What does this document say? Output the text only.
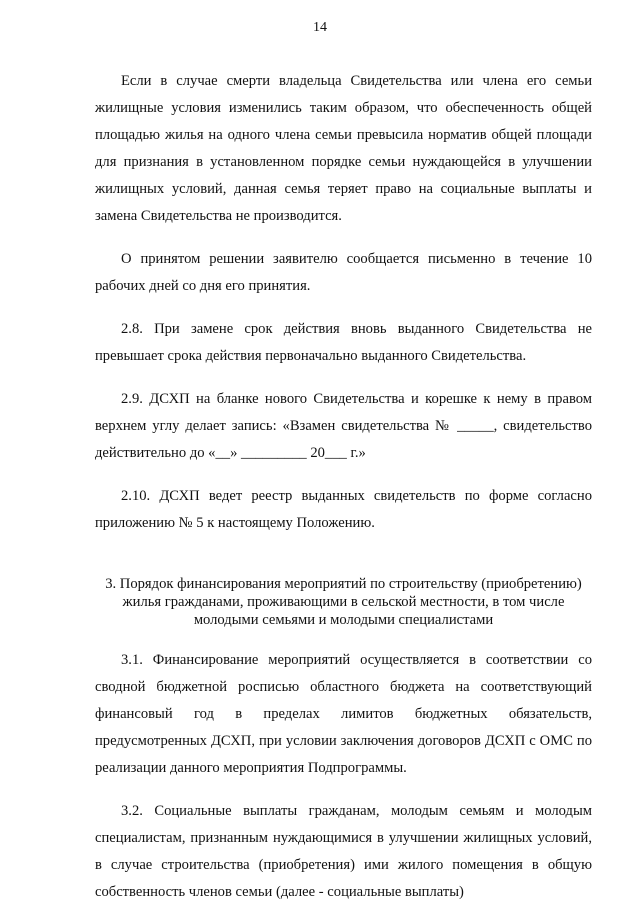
14

Если в случае смерти владельца Свидетельства или члена его семьи жилищные условия изменились таким образом, что обеспеченность общей площадью жилья на одного члена семьи превысила норматив общей площади для признания в установленном порядке семьи нуждающейся в улучшении жилищных условий, данная семья теряет право на социальные выплаты и замена Свидетельства не производится.

О принятом решении заявителю сообщается письменно в течение 10 рабочих дней со дня его принятия.

2.8. При замене срок действия вновь выданного Свидетельства не превышает срока действия первоначально выданного Свидетельства.

2.9. ДСХП на бланке нового Свидетельства и корешке к нему в правом верхнем углу делает запись: «Взамен свидетельства № _____, свидетельство действительно до «__» _________ 20___ г.»

2.10. ДСХП ведет реестр выданных свидетельств по форме согласно приложению № 5 к настоящему Положению.

3. Порядок финансирования мероприятий по строительству (приобретению) жилья гражданами, проживающими в сельской местности, в том числе молодыми семьями и молодыми специалистами

3.1. Финансирование мероприятий осуществляется в соответствии со сводной бюджетной росписью областного бюджета на соответствующий финансовый год в пределах лимитов бюджетных обязательств, предусмотренных ДСХП, при условии заключения договоров ДСХП с ОМС по реализации данного мероприятия Подпрограммы.

3.2. Социальные выплаты гражданам, молодым семьям и молодым специалистам, признанным нуждающимися в улучшении жилищных условий, в случае строительства (приобретения) ими жилого помещения в общую собственность членов семьи (далее - социальные выплаты)
